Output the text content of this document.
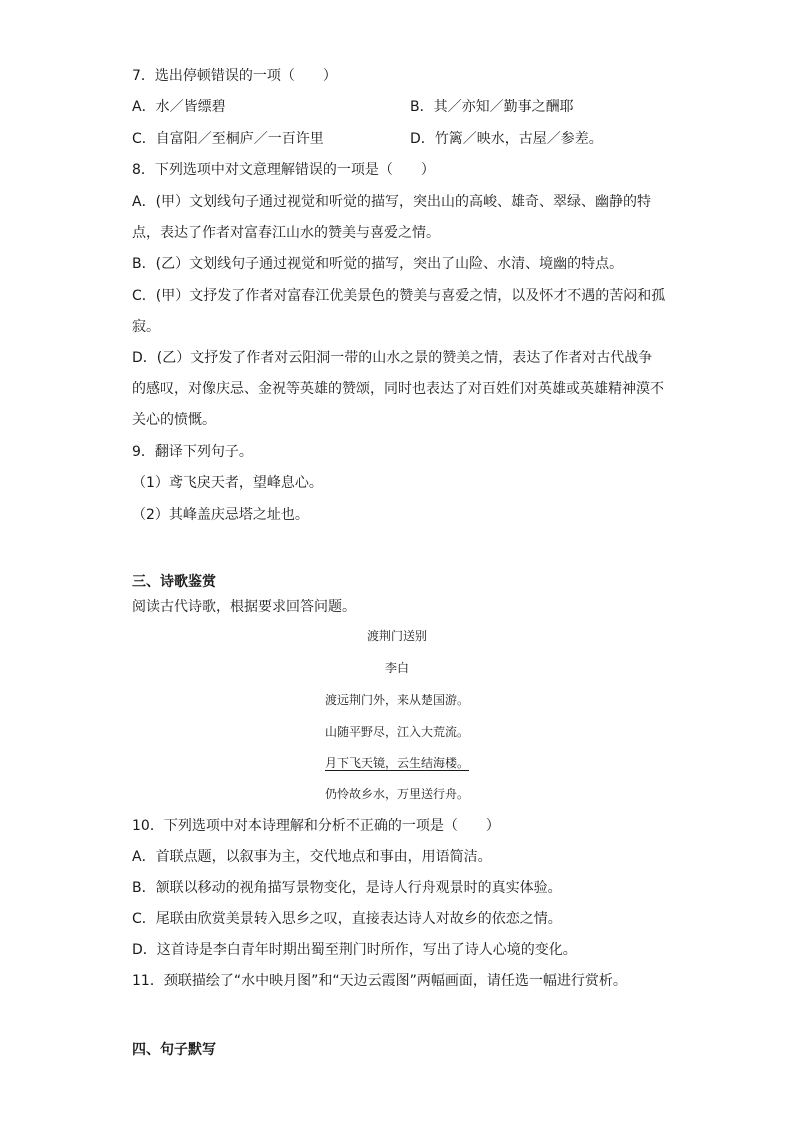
7．选出停顿错误的一项（　　）
A．水／皆缥碧	B．其／亦知／勤事之酬耶
C．自富阳／至桐庐／一百许里	D．竹篱／映水，古屋／参差。
8．下列选项中对文意理解错误的一项是（　　）
A．(甲）文划线句子通过视觉和听觉的描写，突出山的高峻、雄奇、翠绿、幽静的特
点，表达了作者对富春江山水的赞美与喜爱之情。
B．(乙）文划线句子通过视觉和听觉的描写，突出了山险、水清、境幽的特点。
C．(甲）文抒发了作者对富春江优美景色的赞美与喜爱之情，以及怀才不遇的苦闷和孤
寂。
D．(乙）文抒发了作者对云阳洞一带的山水之景的赞美之情，表达了作者对古代战争
的感叹，对像庆忌、金祝等英雄的赞颂，同时也表达了对百姓们对英雄或英雄精神漠不
关心的愤慨。
9．翻译下列句子。
（1）鸢飞戾天者，望峰息心。
（2）其峰盖庆忌塔之址也。
三、诗歌鉴赏
阅读古代诗歌，根据要求回答问题。
渡荆门送别
李白
渡远荆门外，来从楚国游。
山随平野尽，江入大荒流。
月下飞天镜，云生结海楼。
仍怜故乡水，万里送行舟。
10．下列选项中对本诗理解和分析不正确的一项是（　　）
A．首联点题，以叙事为主，交代地点和事由，用语简洁。
B．颔联以移动的视角描写景物变化，是诗人行舟观景时的真实体验。
C．尾联由欣赏美景转入思乡之叹，直接表达诗人对故乡的依恋之情。
D．这首诗是李白青年时期出蜀至荆门时所作，写出了诗人心境的变化。
11．颈联描绘了“水中映月图”和“天边云霞图”两幅画面，请任选一幅进行赏析。
四、句子默写
